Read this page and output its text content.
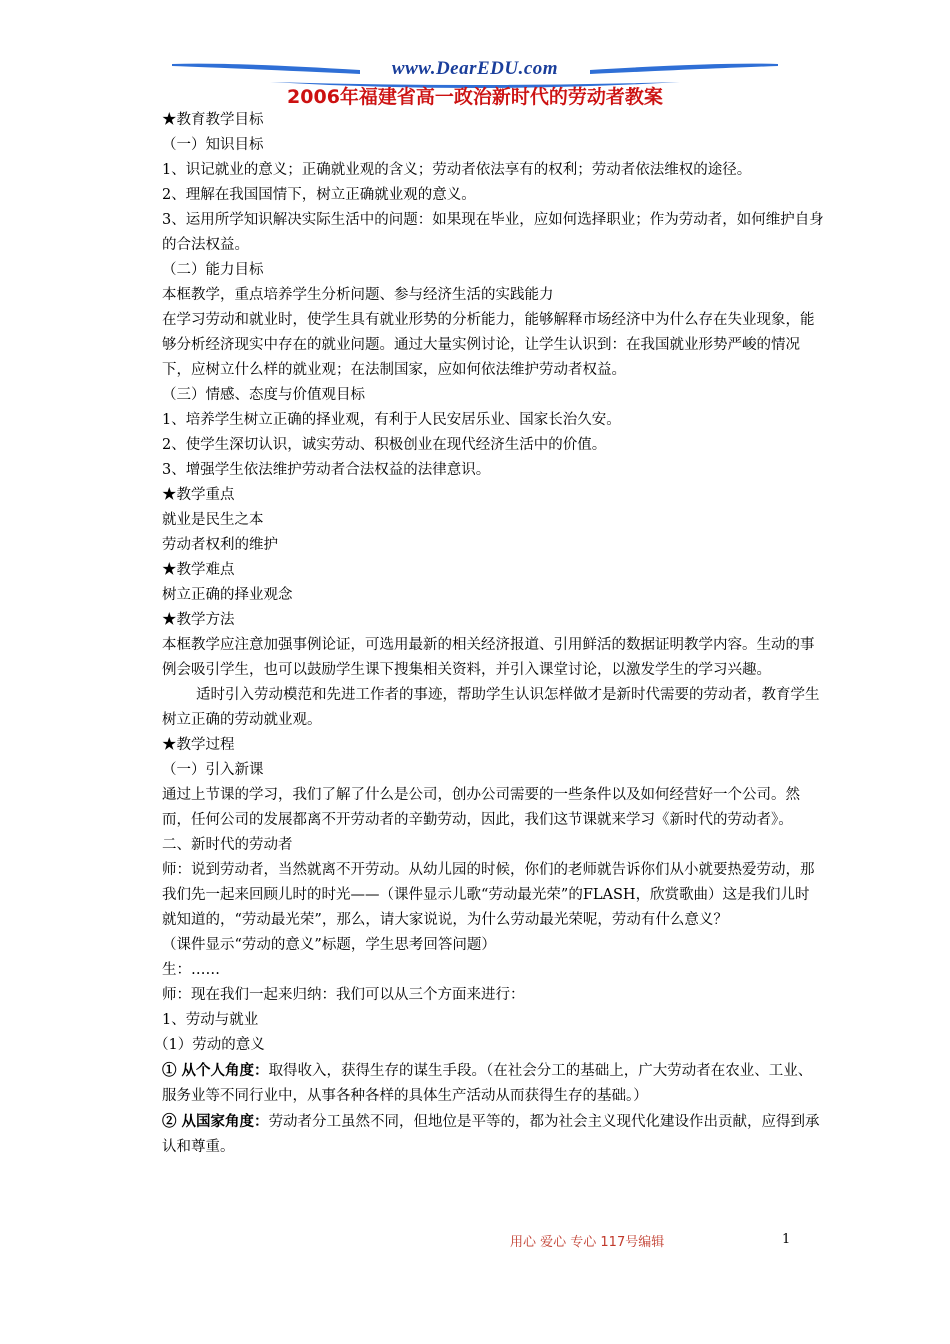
www.DearEDU.com
2006年福建省高一政治新时代的劳动者教案

★教育教学目标

（一）知识目标

1、识记就业的意义；正确就业观的含义；劳动者依法享有的权利；劳动者依法维权的途径。

2、理解在我国国情下，树立正确就业观的意义。

3、运用所学知识解决实际生活中的问题：如果现在毕业，应如何选择职业；作为劳动者，如何维护自身的合法权益。

（二）能力目标

本框教学，重点培养学生分析问题、参与经济生活的实践能力

在学习劳动和就业时，使学生具有就业形势的分析能力，能够解释市场经济中为什么存在失业现象，能够分析经济现实中存在的就业问题。通过大量实例讨论，让学生认识到：在我国就业形势严峻的情况下，应树立什么样的就业观；在法制国家，应如何依法维护劳动者权益。

（三）情感、态度与价值观目标

1、培养学生树立正确的择业观，有利于人民安居乐业、国家长治久安。

2、使学生深切认识，诚实劳动、积极创业在现代经济生活中的价值。

3、增强学生依法维护劳动者合法权益的法律意识。

★教学重点

就业是民生之本

劳动者权利的维护

★教学难点

树立正确的择业观念

★教学方法

本框教学应注意加强事例论证，可选用最新的相关经济报道、引用鲜活的数据证明教学内容。生动的事例会吸引学生，也可以鼓励学生课下搜集相关资料，并引入课堂讨论，以激发学生的学习兴趣。

适时引入劳动模范和先进工作者的事迹，帮助学生认识怎样做才是新时代需要的劳动者，教育学生树立正确的劳动就业观。

★教学过程

（一）引入新课

通过上节课的学习，我们了解了什么是公司，创办公司需要的一些条件以及如何经营好一个公司。然而，任何公司的发展都离不开劳动者的辛勤劳动，因此，我们这节课就来学习《新时代的劳动者》。

二、新时代的劳动者

师：说到劳动者，当然就离不开劳动。从幼儿园的时候，你们的老师就告诉你们从小就要热爱劳动，那我们先一起来回顾儿时的时光——（课件显示儿歌“劳动最光荣”的FLASH，欣赏歌曲）这是我们儿时就知道的，“劳动最光荣”，那么，请大家说说，为什么劳动最光荣呢，劳动有什么意义？

（课件显示“劳动的意义”标题，学生思考回答问题）

生：……

师：现在我们一起来归纳：我们可以从三个方面来进行：

1、劳动与就业

（1）劳动的意义

① 从个人角度：取得收入，获得生存的谋生手段。（在社会分工的基础上，广大劳动者在农业、工业、服务业等不同行业中，从事各种各样的具体生产活动从而获得生存的基础。）

② 从国家角度：劳动者分工虽然不同，但地位是平等的，都为社会主义现代化建设作出贡献，应得到承认和尊重。

用心 爱心 专心 117号编辑	1
